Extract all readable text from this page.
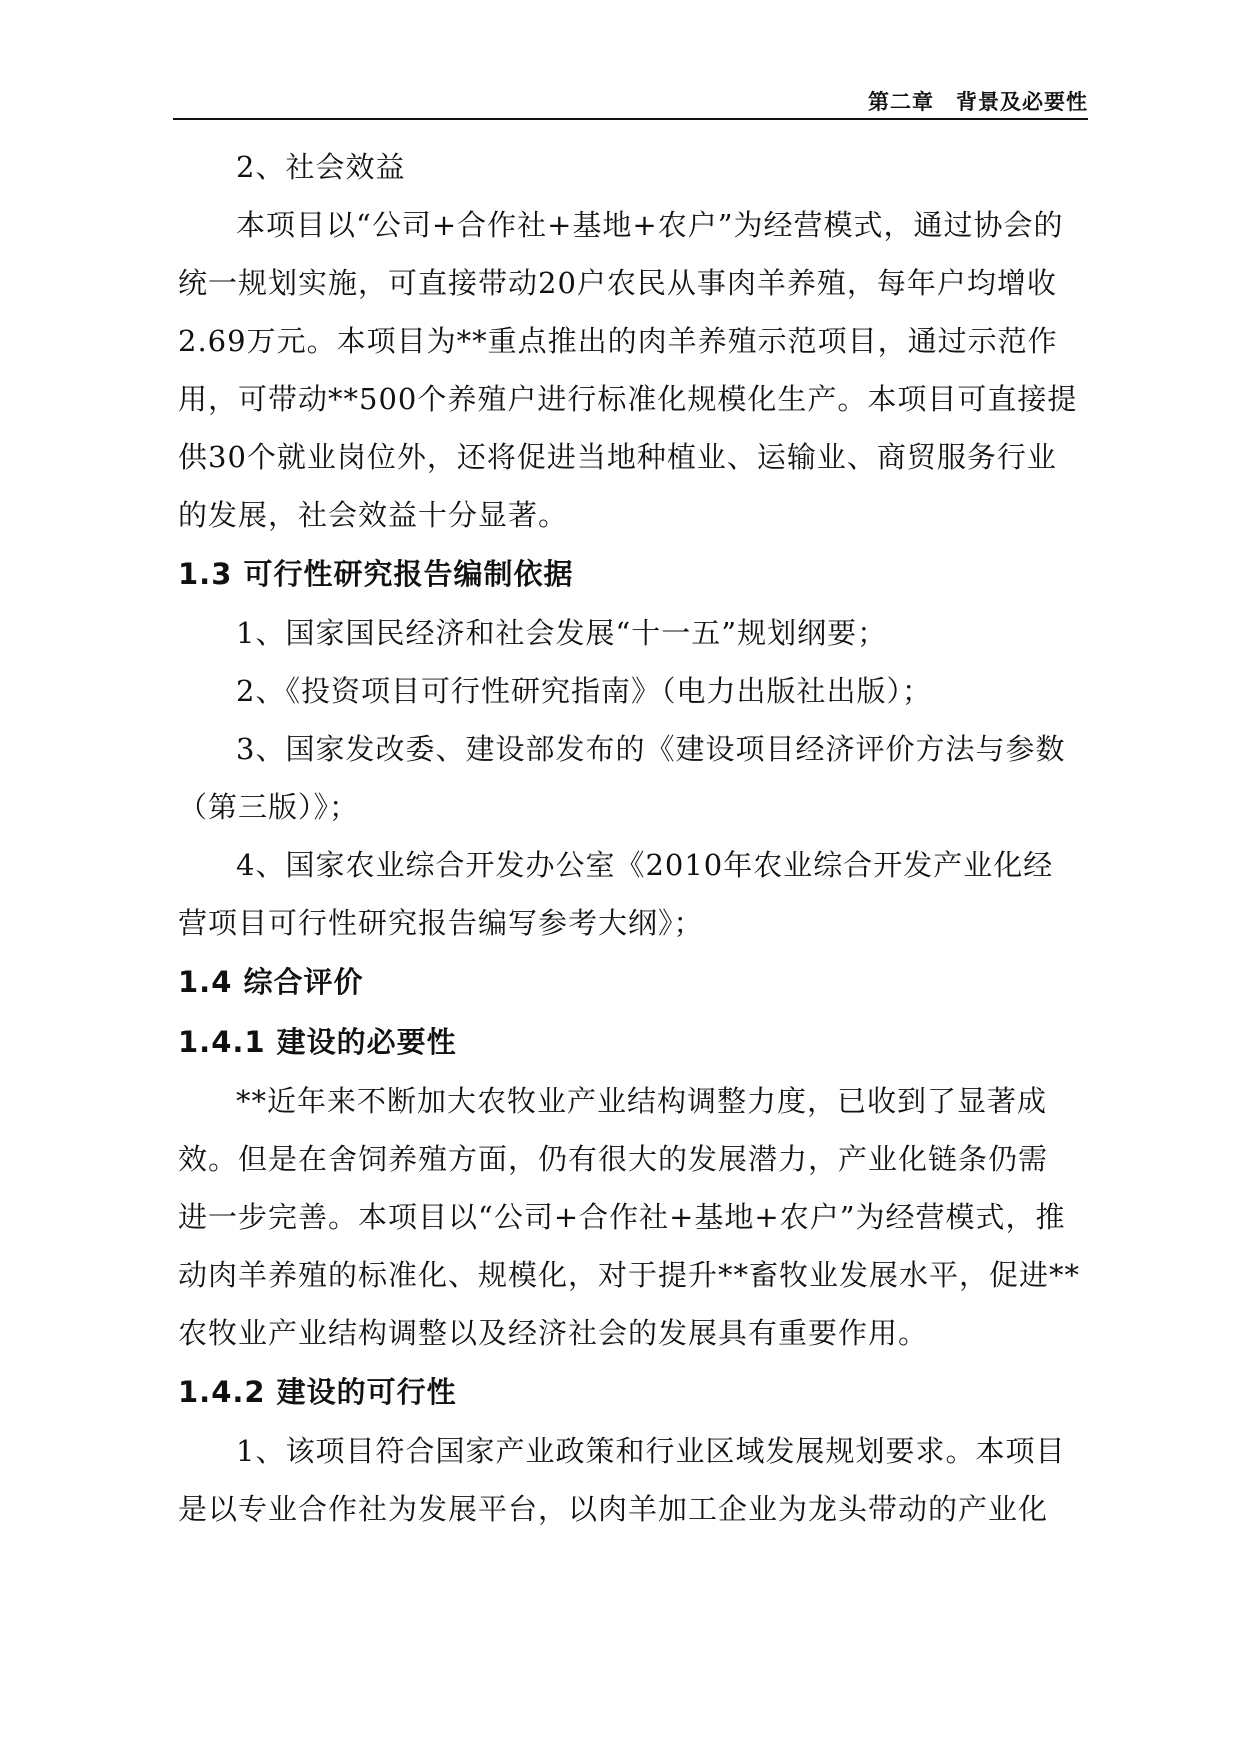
第二章　背景及必要性

2、社会效益

本项目以“公司+合作社+基地+农户”为经营模式，通过协会的
统一规划实施，可直接带动20户农民从事肉羊养殖，每年户均增收
2.69万元。本项目为**重点推出的肉羊养殖示范项目，通过示范作
用，可带动**500个养殖户进行标准化规模化生产。本项目可直接提
供30个就业岗位外，还将促进当地种植业、运输业、商贸服务行业
的发展，社会效益十分显著。

1.3 可行性研究报告编制依据

1、国家国民经济和社会发展“十一五”规划纲要；

2、《投资项目可行性研究指南》（电力出版社出版）；

3、国家发改委、建设部发布的《建设项目经济评价方法与参数
（第三版）》；

4、国家农业综合开发办公室《2010年农业综合开发产业化经
营项目可行性研究报告编写参考大纲》；

1.4 综合评价
1.4.1 建设的必要性

**近年来不断加大农牧业产业结构调整力度，已收到了显著成
效。但是在舍饲养殖方面，仍有很大的发展潜力，产业化链条仍需
进一步完善。本项目以“公司+合作社+基地+农户”为经营模式，推
动肉羊养殖的标准化、规模化，对于提升**畜牧业发展水平，促进**
农牧业产业结构调整以及经济社会的发展具有重要作用。

1.4.2 建设的可行性

1、该项目符合国家产业政策和行业区域发展规划要求。本项目
是以专业合作社为发展平台，以肉羊加工企业为龙头带动的产业化
